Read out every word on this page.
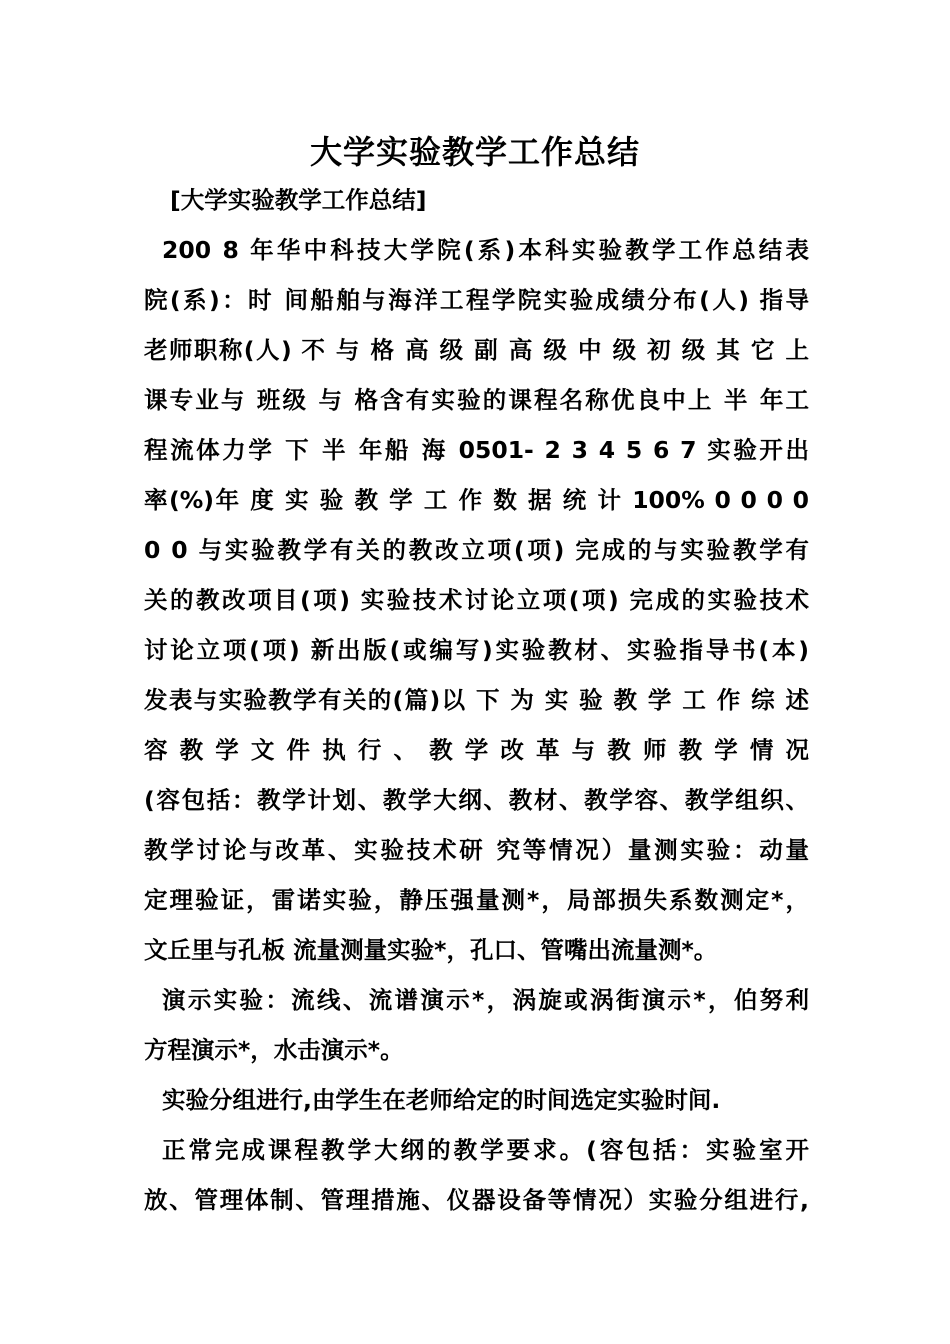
大学实验教学工作总结
[大学实验教学工作总结]
200 8 年华中科技大学院(系)本科实验教学工作总结表
院(系)：时 间船舶与海洋工程学院实验成绩分布(人) 指导
老师职称(人) 不 与 格 高 级 副 高 级 中 级 初 级 其 它 上
课专业与 班级 与 格含有实验的课程名称优良中上 半 年工
程流体力学 下 半 年船 海 0501- 2 3 4 5 6 7 实验开出
率(%)年 度 实 验 教 学 工 作 数 据 统 计 100% 0 0 0 0
0 0 与实验教学有关的教改立项(项) 完成的与实验教学有
关的教改项目(项) 实验技术讨论立项(项) 完成的实验技术
讨论立项(项) 新出版(或编写)实验教材、实验指导书(本)
发表与实验教学有关的(篇)以 下 为 实 验 教 学 工 作 综 述
容 教 学 文 件 执 行 、 教 学 改 革 与 教 师 教 学 情 况
(容包括：教学计划、教学大纲、教材、教学容、教学组织、
教学讨论与改革、实验技术研 究等情况）量测实验：动量
定理验证，雷诺实验，静压强量测*，局部损失系数测定*，
文丘里与孔板 流量测量实验*，孔口、管嘴出流量测*。
演示实验：流线、流谱演示*，涡旋或涡街演示*，伯努利
方程演示*，水击演示*。
实验分组进行,由学生在老师给定的时间选定实验时间.
正常完成课程教学大纲的教学要求。(容包括：实验室开
放、管理体制、管理措施、仪器设备等情况）实验分组进行,
